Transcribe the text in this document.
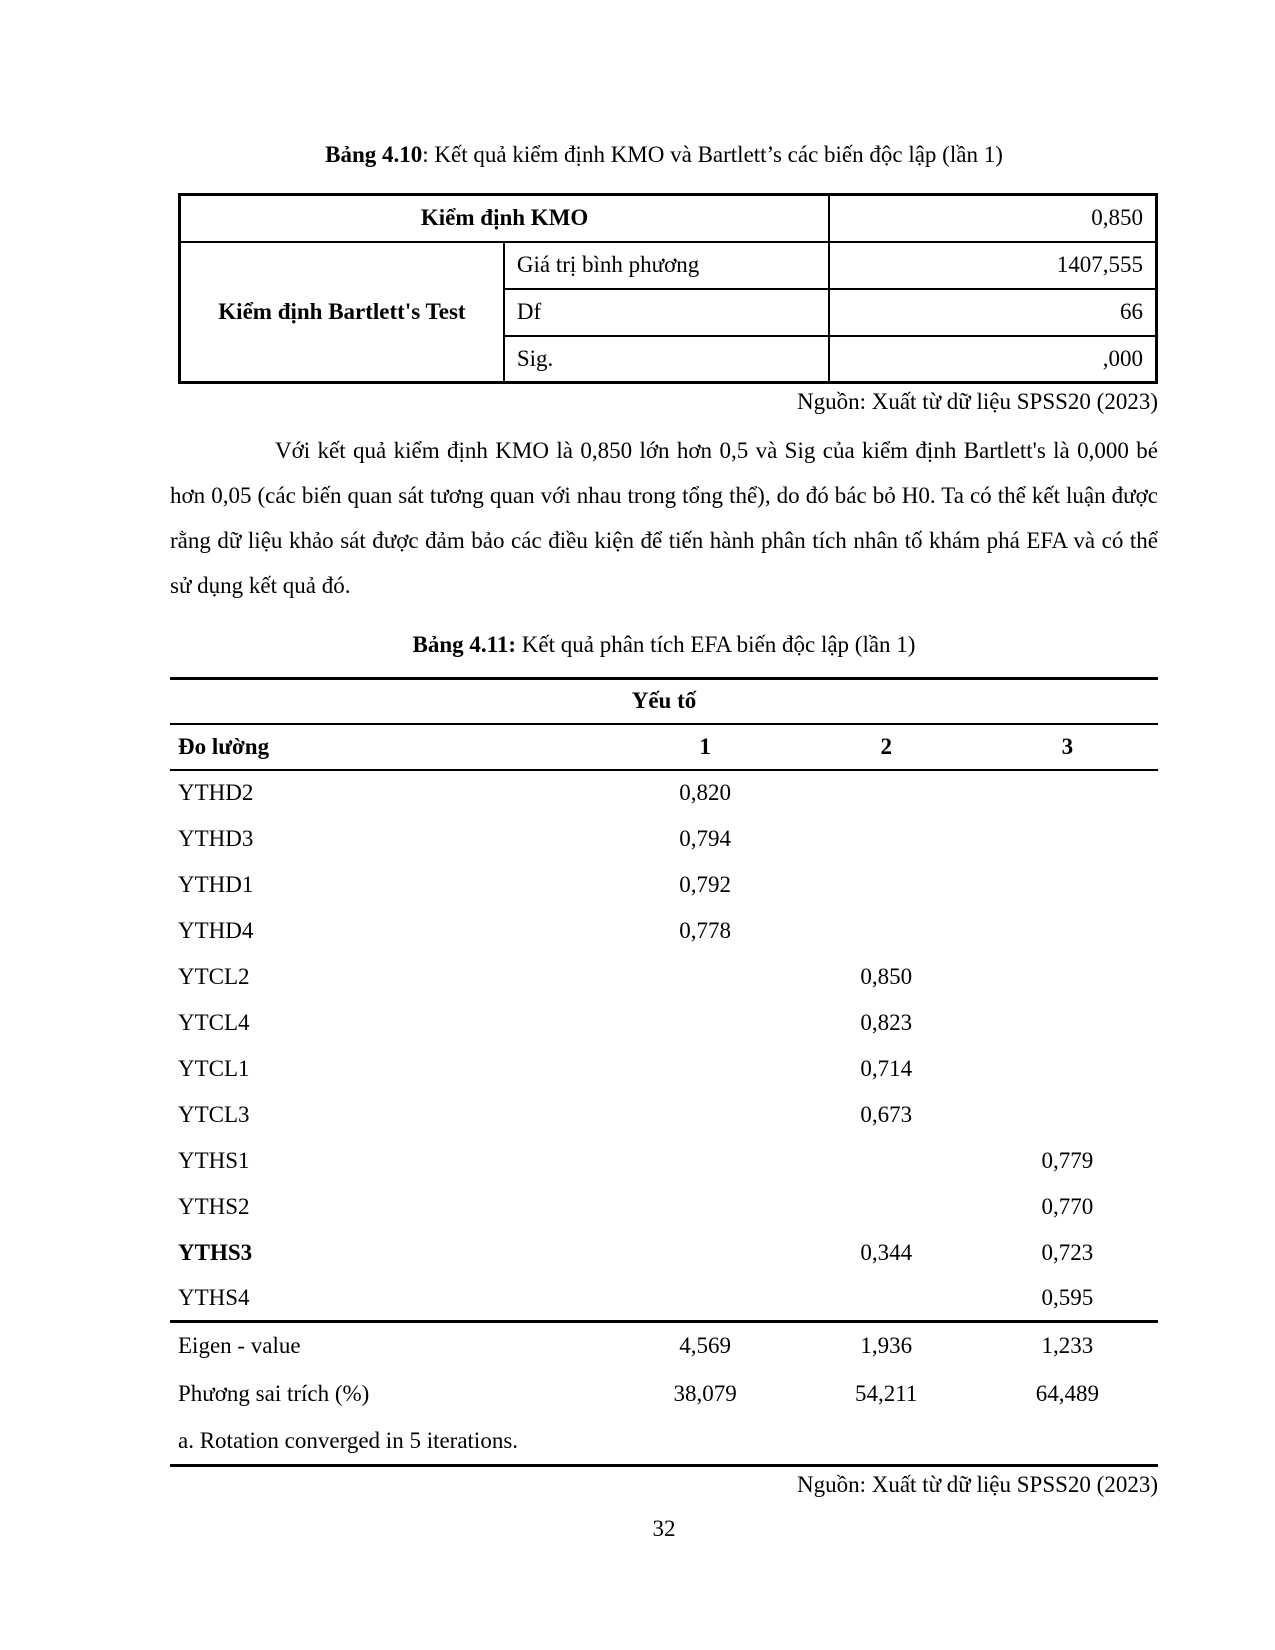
Bảng 4.10: Kết quả kiểm định KMO và Bartlett’s các biến độc lập (lần 1)

Kiểm định KMO		0,850
Kiểm định Bartlett's Test	Giá trị bình phương	1407,555
	Df	66
	Sig.	,000

Nguồn: Xuất từ dữ liệu SPSS20 (2023)

Với kết quả kiểm định KMO là 0,850 lớn hơn 0,5 và Sig của kiểm định Bartlett's là 0,000 bé hơn 0,05 (các biến quan sát tương quan với nhau trong tổng thể), do đó bác bỏ H0. Ta có thể kết luận được rằng dữ liệu khảo sát được đảm bảo các điều kiện để tiến hành phân tích nhân tố khám phá EFA và có thể sử dụng kết quả đó.

Bảng 4.11: Kết quả phân tích EFA biến độc lập (lần 1)

Yếu tố			
Đo lường	1	2	3
YTHD2	0,820		
YTHD3	0,794		
YTHD1	0,792		
YTHD4	0,778		
YTCL2		0,850	
YTCL4		0,823	
YTCL1		0,714	
YTCL3		0,673	
YTHS1			0,779
YTHS2			0,770
YTHS3		0,344	0,723
YTHS4			0,595
Eigen - value	4,569	1,936	1,233
Phương sai trích (%)	38,079	54,211	64,489
a. Rotation converged in 5 iterations.			

Nguồn: Xuất từ dữ liệu SPSS20 (2023)

32
